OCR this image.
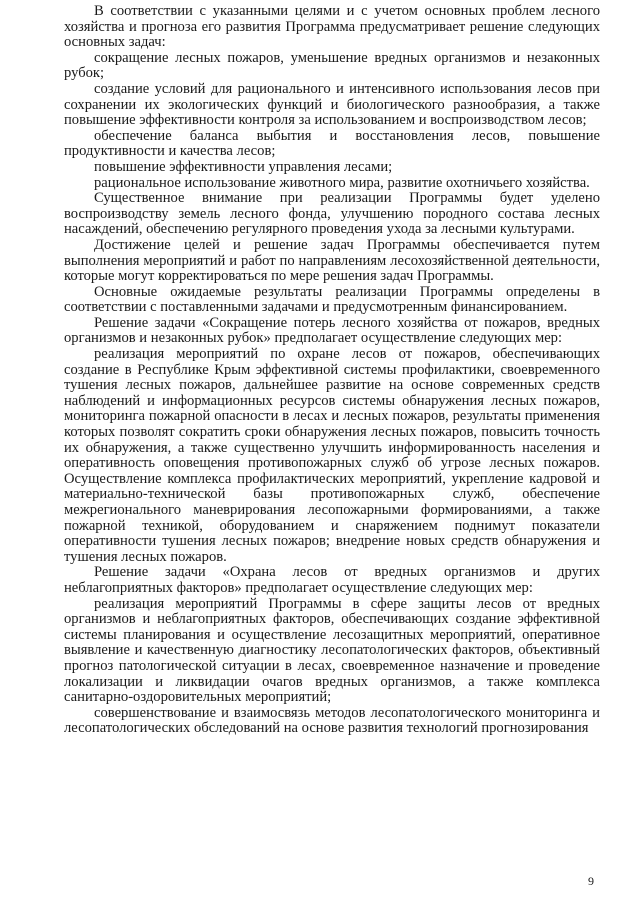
В соответствии с указанными целями и с учетом основных проблем лесного хозяйства и прогноза его развития Программа предусматривает решение следующих основных задач:

сокращение лесных пожаров, уменьшение вредных организмов и незаконных рубок;

создание условий для рационального и интенсивного использования лесов при сохранении их экологических функций и биологического разнообразия, а также повышение эффективности контроля за использованием и воспроизводством лесов;

обеспечение баланса выбытия и восстановления лесов, повышение продуктивности и качества лесов;

повышение эффективности управления лесами;

рациональное использование животного мира, развитие охотничьего хозяйства.

Существенное внимание при реализации Программы будет уделено воспроизводству земель лесного фонда, улучшению породного состава лесных насаждений, обеспечению регулярного проведения ухода за лесными культурами.

Достижение целей и решение задач Программы обеспечивается путем выполнения мероприятий и работ по направлениям лесохозяйственной деятельности, которые могут корректироваться по мере решения задач Программы.

Основные ожидаемые результаты реализации Программы определены в соответствии с поставленными задачами и предусмотренным финансированием.

Решение задачи «Сокращение потерь лесного хозяйства от пожаров, вредных организмов и незаконных рубок» предполагает осуществление следующих мер:

реализация мероприятий по охране лесов от пожаров, обеспечивающих создание в Республике Крым эффективной системы профилактики, своевременного тушения лесных пожаров, дальнейшее развитие на основе современных средств наблюдений и информационных ресурсов системы обнаружения лесных пожаров, мониторинга пожарной опасности в лесах и лесных пожаров, результаты применения которых позволят сократить сроки обнаружения лесных пожаров, повысить точность их обнаружения, а также существенно улучшить информированность населения и оперативность оповещения противопожарных служб об угрозе лесных пожаров. Осуществление комплекса профилактических мероприятий, укрепление кадровой и материально-технической базы противопожарных служб, обеспечение межрегионального маневрирования лесопожарными формированиями, а также пожарной техникой, оборудованием и снаряжением поднимут показатели оперативности тушения лесных пожаров; внедрение новых средств обнаружения и тушения лесных пожаров.

Решение задачи «Охрана лесов от вредных организмов и других неблагоприятных факторов» предполагает осуществление следующих мер:

реализация мероприятий Программы в сфере защиты лесов от вредных организмов и неблагоприятных факторов, обеспечивающих создание эффективной системы планирования и осуществление лесозащитных мероприятий, оперативное выявление и качественную диагностику лесопатологических факторов, объективный прогноз патологической ситуации в лесах, своевременное назначение и проведение локализации и ликвидации очагов вредных организмов, а также комплекса санитарно-оздоровительных мероприятий;

совершенствование и взаимосвязь методов лесопатологического мониторинга и лесопатологических обследований на основе развития технологий прогнозирования

9
